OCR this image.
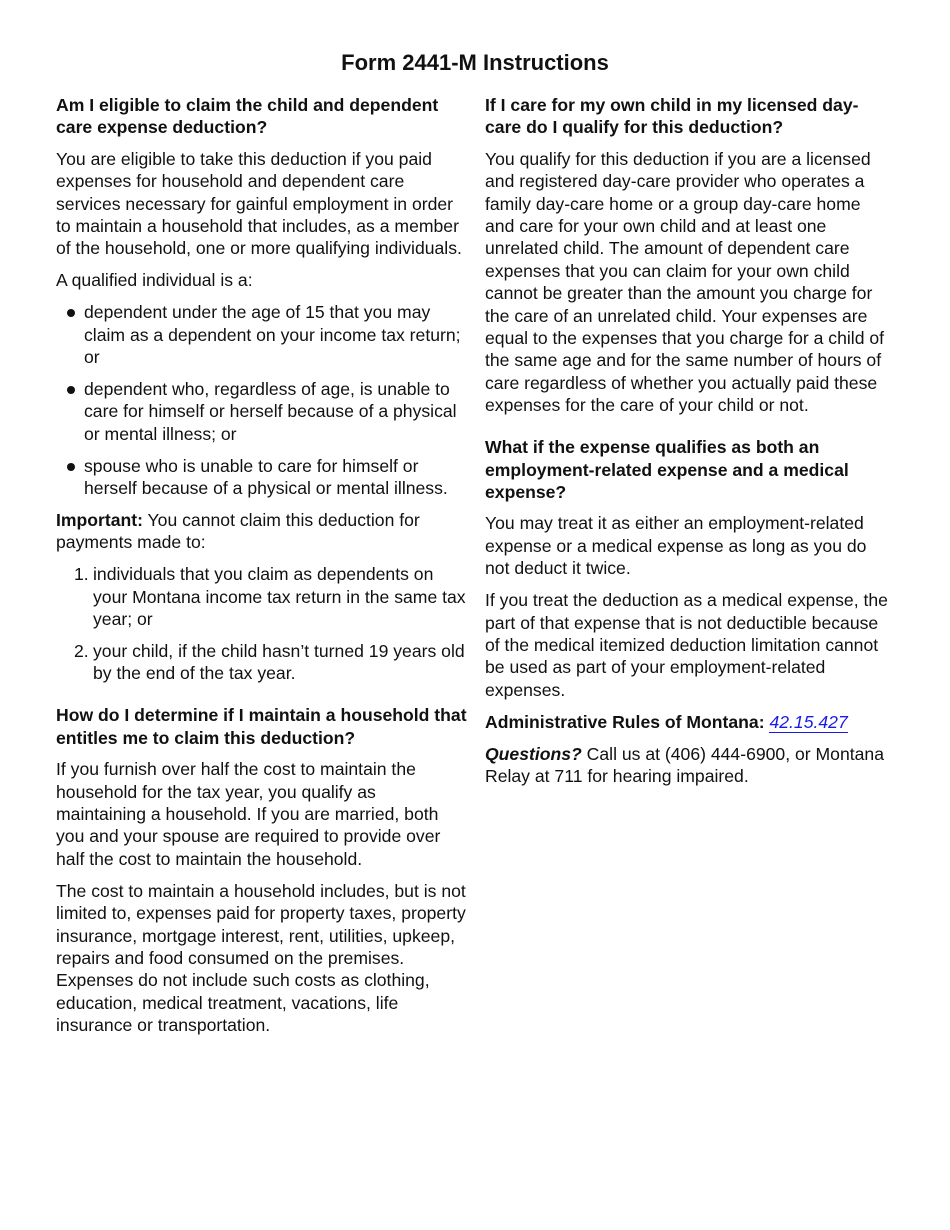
Form 2441-M Instructions
Am I eligible to claim the child and dependent care expense deduction?

You are eligible to take this deduction if you paid expenses for household and dependent care services necessary for gainful employment in order to maintain a household that includes, as a member of the household, one or more qualifying individuals.

A qualified individual is a:

dependent under the age of 15 that you may claim as a dependent on your income tax return; or
dependent who, regardless of age, is unable to care for himself or herself because of a physical or mental illness; or
spouse who is unable to care for himself or herself because of a physical or mental illness.

Important: You cannot claim this deduction for payments made to:

1. individuals that you claim as dependents on your Montana income tax return in the same tax year; or
2. your child, if the child hasn’t turned 19 years old by the end of the tax year.
How do I determine if I maintain a household that entitles me to claim this deduction?

If you furnish over half the cost to maintain the household for the tax year, you qualify as maintaining a household. If you are married, both you and your spouse are required to provide over half the cost to maintain the household.

The cost to maintain a household includes, but is not limited to, expenses paid for property taxes, property insurance, mortgage interest, rent, utilities, upkeep, repairs and food consumed on the premises. Expenses do not include such costs as clothing, education, medical treatment, vacations, life insurance or transportation.

If I care for my own child in my licensed day-care do I qualify for this deduction?

You qualify for this deduction if you are a licensed and registered day-care provider who operates a family day-care home or a group day-care home and care for your own child and at least one unrelated child. The amount of dependent care expenses that you can claim for your own child cannot be greater than the amount you charge for the care of an unrelated child. Your expenses are equal to the expenses that you charge for a child of the same age and for the same number of hours of care regardless of whether you actually paid these expenses for the care of your child or not.

What if the expense qualifies as both an employment-related expense and a medical expense?

You may treat it as either an employment-related expense or a medical expense as long as you do not deduct it twice.

If you treat the deduction as a medical expense, the part of that expense that is not deductible because of the medical itemized deduction limitation cannot be used as part of your employment-related expenses.

Administrative Rules of Montana: 42.15.427

Questions? Call us at (406) 444-6900, or Montana Relay at 711 for hearing impaired.
